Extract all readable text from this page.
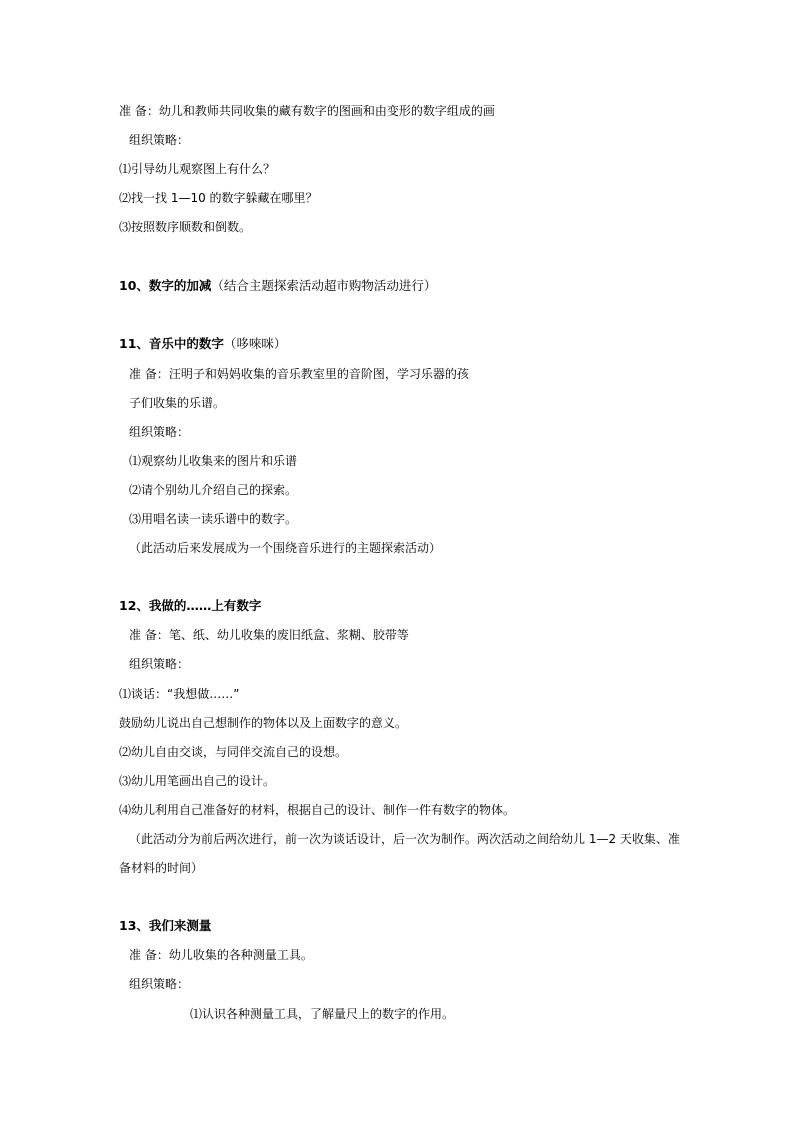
准 备：幼儿和教师共同收集的藏有数字的图画和由变形的数字组成的画
组织策略：
⑴引导幼儿观察图上有什么？
⑵找一找 1—10 的数字躲藏在哪里？
⑶按照数序顺数和倒数。
10、数字的加减（结合主题探索活动超市购物活动进行）
11、音乐中的数字（哆唻咪）
准 备：汪明子和妈妈收集的音乐教室里的音阶图，学习乐器的孩
子们收集的乐谱。
组织策略：
⑴观察幼儿收集来的图片和乐谱
⑵请个别幼儿介绍自己的探索。
⑶用唱名读一读乐谱中的数字。
（此活动后来发展成为一个围绕音乐进行的主题探索活动）
12、我做的……上有数字
准 备：笔、纸、幼儿收集的废旧纸盒、浆糊、胶带等
组织策略：
⑴谈话：“我想做……”
鼓励幼儿说出自己想制作的物体以及上面数字的意义。
⑵幼儿自由交谈，与同伴交流自己的设想。
⑶幼儿用笔画出自己的设计。
⑷幼儿利用自己准备好的材料，根据自己的设计、制作一件有数字的物体。
（此活动分为前后两次进行，前一次为谈话设计，后一次为制作。两次活动之间给幼儿 1—2 天收集、准
备材料的时间）
13、我们来测量
准 备：幼儿收集的各种测量工具。
组织策略：
⑴认识各种测量工具，了解量尺上的数字的作用。
